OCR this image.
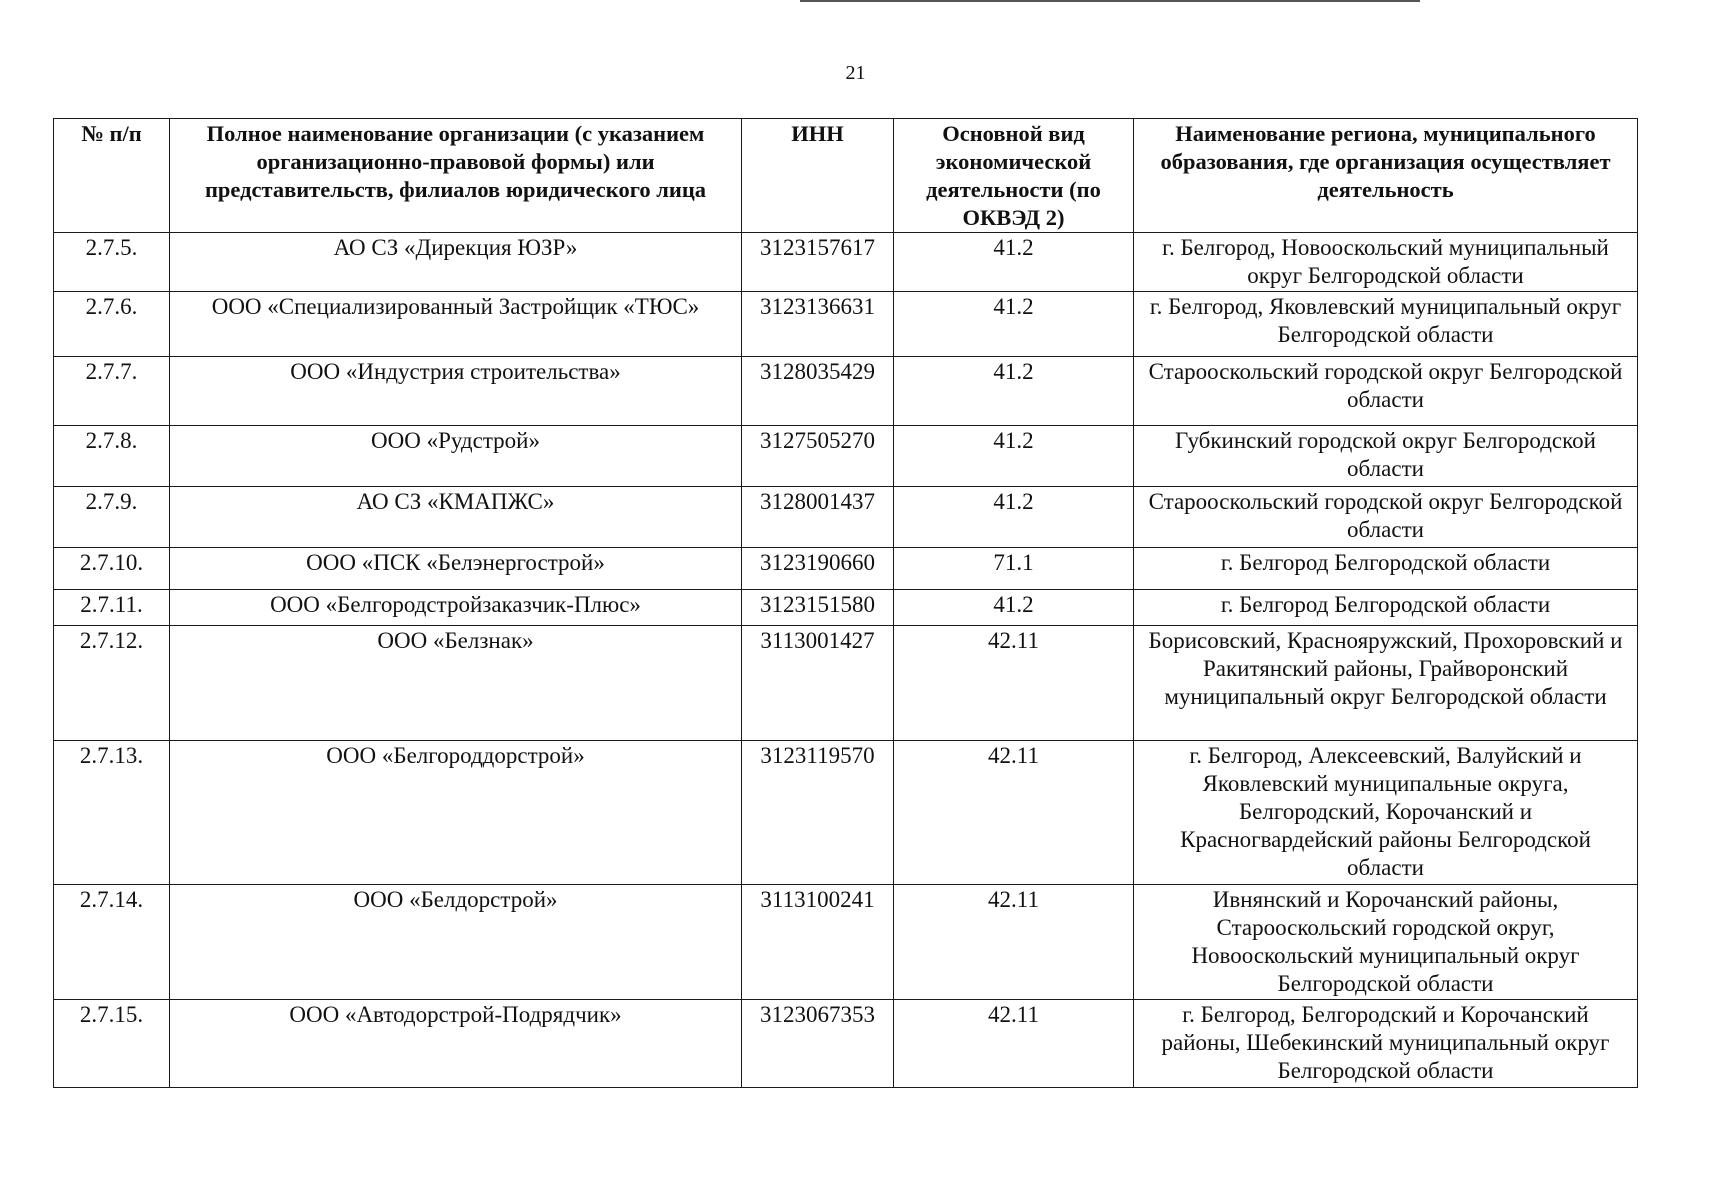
21
№ п/п	Полное наименование организации (с указанием организационно-правовой формы) или представительств, филиалов юридического лица	ИНН	Основной вид экономической деятельности (по ОКВЭД 2)	Наименование региона, муниципального образования, где организация осуществляет деятельность
2.7.5.	АО СЗ «Дирекция ЮЗР»	3123157617	41.2	г. Белгород, Новооскольский муниципальный округ Белгородской области
2.7.6.	ООО «Специализированный Застройщик «ТЮС»	3123136631	41.2	г. Белгород, Яковлевский муниципальный округ Белгородской области
2.7.7.	ООО «Индустрия строительства»	3128035429	41.2	Старооскольский городской округ Белгородской области
2.7.8.	ООО «Рудстрой»	3127505270	41.2	Губкинский городской округ Белгородской области
2.7.9.	АО СЗ «КМАПЖС»	3128001437	41.2	Старооскольский городской округ Белгородской области
2.7.10.	ООО «ПСК «Белэнергострой»	3123190660	71.1	г. Белгород Белгородской области
2.7.11.	ООО «Белгородстройзаказчик-Плюс»	3123151580	41.2	г. Белгород Белгородской области
2.7.12.	ООО «Белзнак»	3113001427	42.11	Борисовский, Краснояружский, Прохоровский и Ракитянский районы, Грайворонский муниципальный округ Белгородской области
2.7.13.	ООО «Белгороддорстрой»	3123119570	42.11	г. Белгород, Алексеевский, Валуйский и Яковлевский муниципальные округа, Белгородский, Корочанский и Красногвардейский районы Белгородской области
2.7.14.	ООО «Белдорстрой»	3113100241	42.11	Ивнянский и Корочанский районы, Старооскольский городской округ, Новооскольский муниципальный округ Белгородской области
2.7.15.	ООО «Автодорстрой-Подрядчик»	3123067353	42.11	г. Белгород, Белгородский и Корочанский районы, Шебекинский муниципальный округ Белгородской области
